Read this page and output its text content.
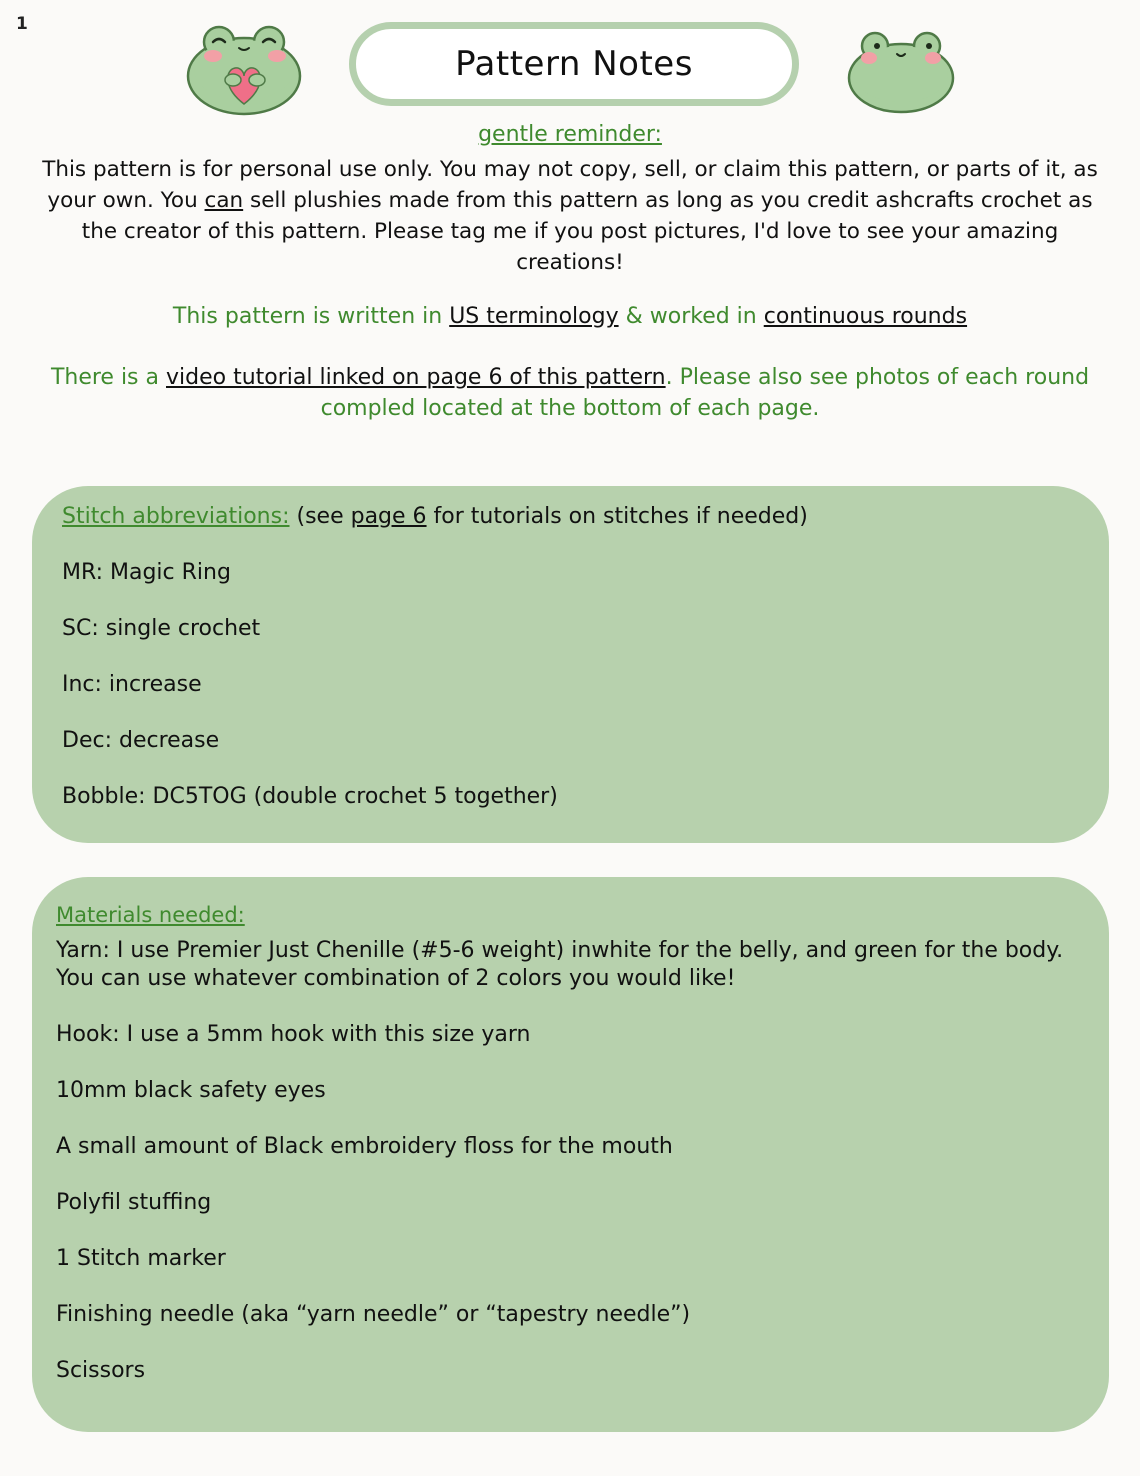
1
Pattern Notes
gentle reminder:
This pattern is for personal use only. You may not copy, sell, or claim this pattern, or parts of it, as your own. You can sell plushies made from this pattern as long as you credit ashcrafts crochet as the creator of this pattern. Please tag me if you post pictures, I'd love to see your amazing creations!
This pattern is written in US terminology & worked in continuous rounds
There is a video tutorial linked on page 6 of this pattern. Please also see photos of each round compled located at the bottom of each page.
Stitch abbreviations: (see page 6 for tutorials on stitches if needed)
MR: Magic Ring
SC: single crochet
Inc: increase
Dec: decrease
Bobble: DC5TOG (double crochet 5 together)
Materials needed:
Yarn: I use Premier Just Chenille (#5-6 weight) inwhite for the belly, and green for the body. You can use whatever combination of 2 colors you would like!
Hook: I use a 5mm hook with this size yarn
10mm black safety eyes
A small amount of Black embroidery floss for the mouth
Polyfil stuffing
1 Stitch marker
Finishing needle (aka “yarn needle” or “tapestry needle”)
Scissors
